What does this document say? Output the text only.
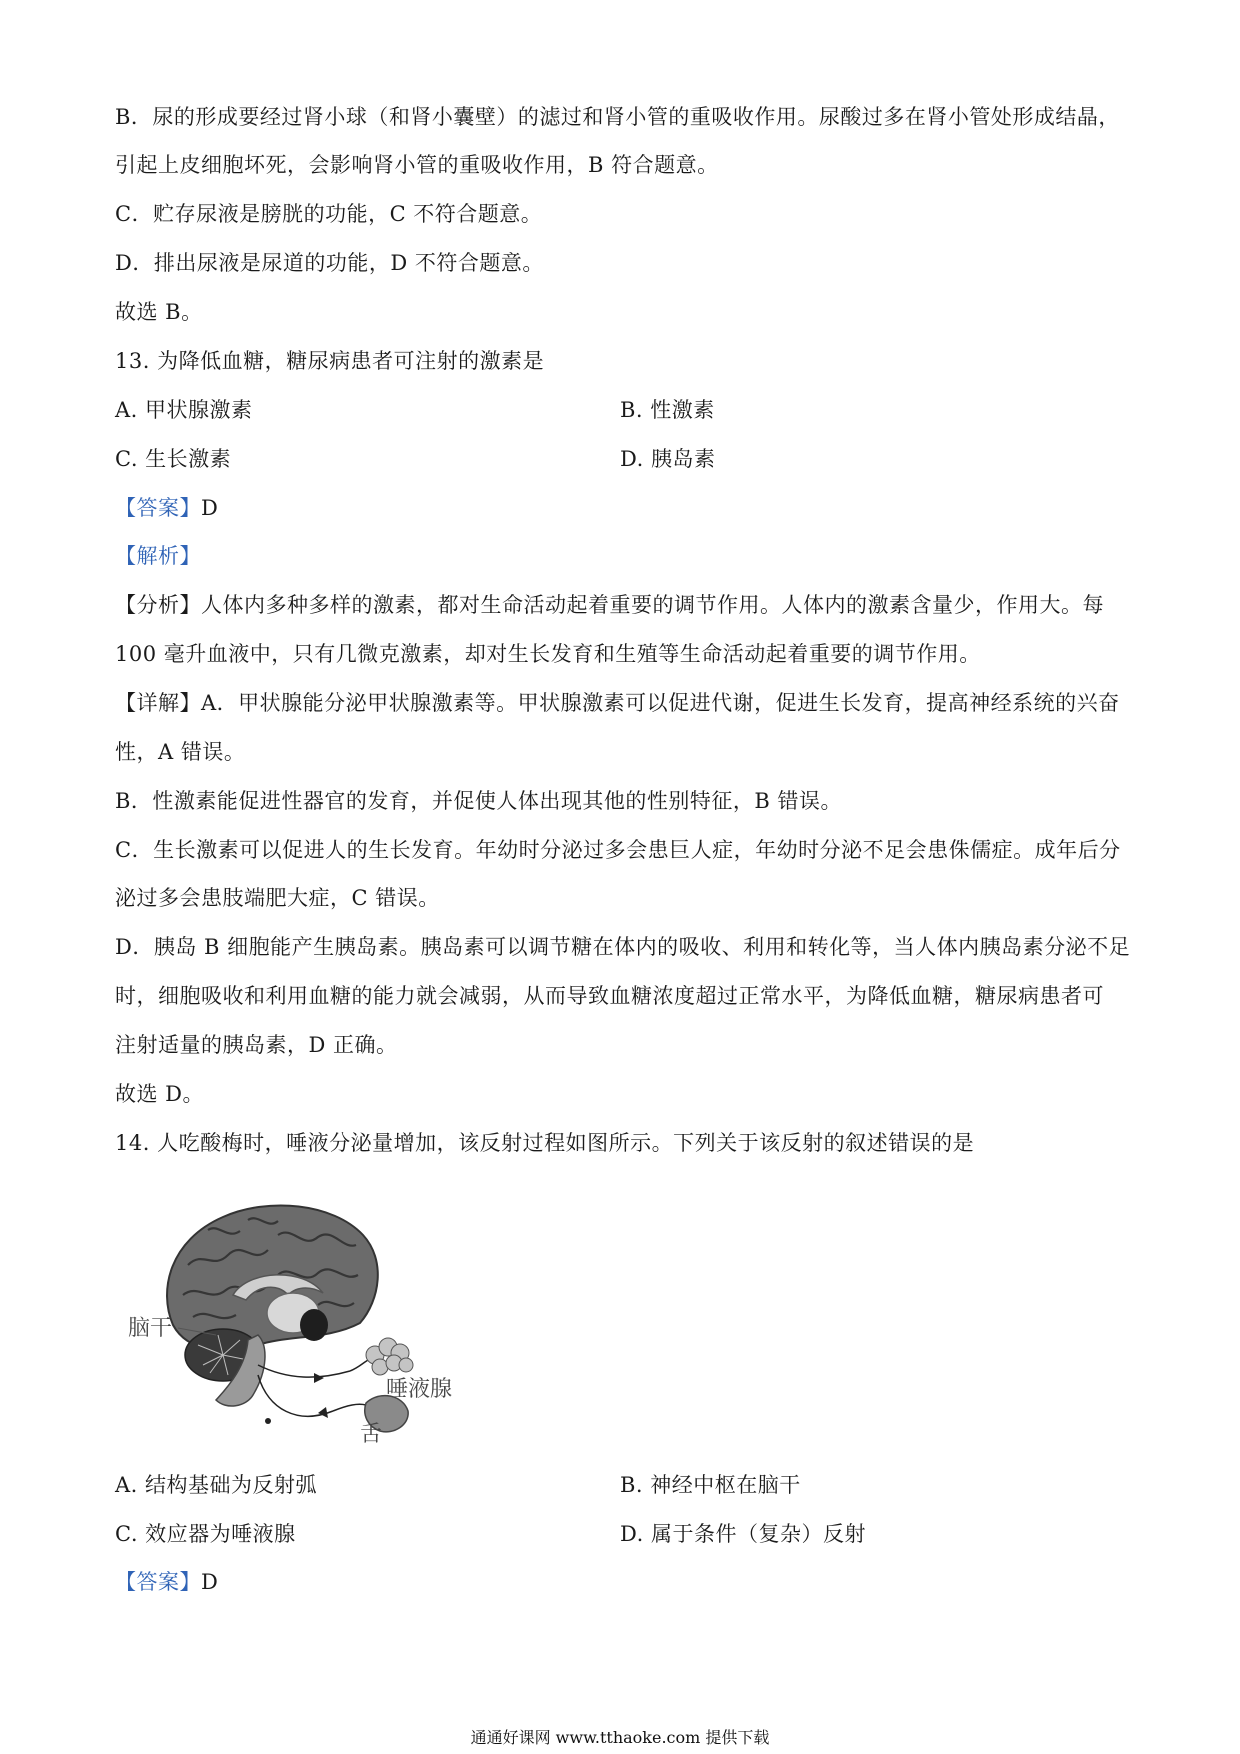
B．尿的形成要经过肾小球（和肾小囊壁）的滤过和肾小管的重吸收作用。尿酸过多在肾小管处形成结晶，
引起上皮细胞坏死，会影响肾小管的重吸收作用，B 符合题意。
C．贮存尿液是膀胱的功能，C 不符合题意。
D．排出尿液是尿道的功能，D 不符合题意。
故选 B。
13. 为降低血糖，糖尿病患者可注射的激素是
A. 甲状腺激素	B. 性激素
C. 生长激素	D. 胰岛素
【答案】D
【解析】
【分析】人体内多种多样的激素，都对生命活动起着重要的调节作用。人体内的激素含量少，作用大。每
100 毫升血液中，只有几微克激素，却对生长发育和生殖等生命活动起着重要的调节作用。
【详解】A．甲状腺能分泌甲状腺激素等。甲状腺激素可以促进代谢，促进生长发育，提高神经系统的兴奋
性，A 错误。
B．性激素能促进性器官的发育，并促使人体出现其他的性别特征，B 错误。
C．生长激素可以促进人的生长发育。年幼时分泌过多会患巨人症，年幼时分泌不足会患侏儒症。成年后分
泌过多会患肢端肥大症，C 错误。
D．胰岛 B 细胞能产生胰岛素。胰岛素可以调节糖在体内的吸收、利用和转化等，当人体内胰岛素分泌不足
时，细胞吸收和利用血糖的能力就会减弱，从而导致血糖浓度超过正常水平，为降低血糖，糖尿病患者可
注射适量的胰岛素，D 正确。
故选 D。
14. 人吃酸梅时，唾液分泌量增加，该反射过程如图所示。下列关于该反射的叙述错误的是
脑干
唾液腺
舌
A. 结构基础为反射弧	B. 神经中枢在脑干
C. 效应器为唾液腺	D. 属于条件（复杂）反射
【答案】D
通通好课网 www.tthaoke.com 提供下载
